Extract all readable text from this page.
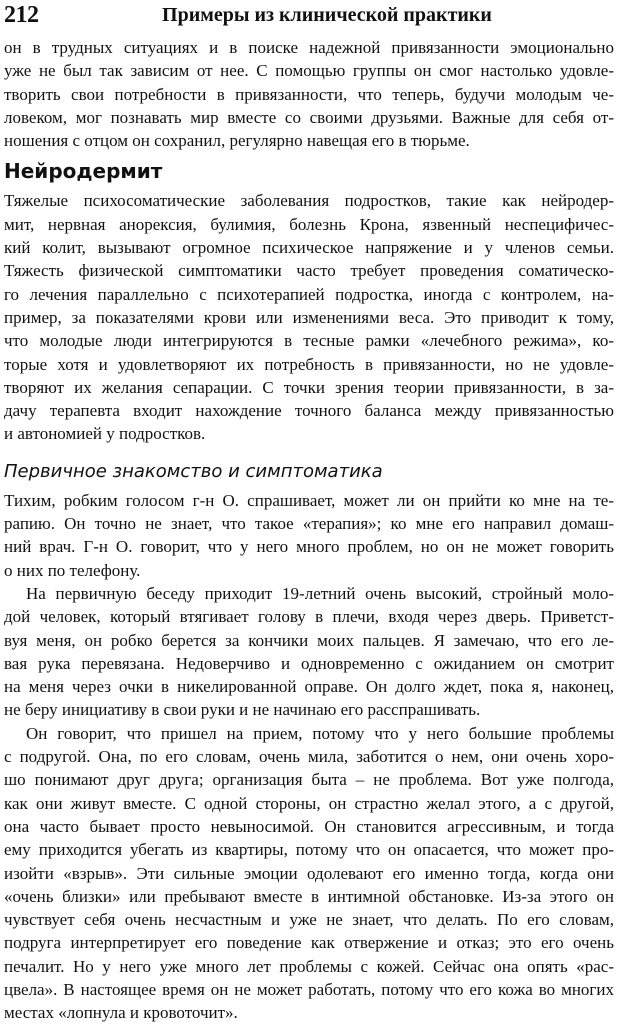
212	Примеры из клинической практики
он в трудных ситуациях и в поиске надежной привязанности эмоционально
уже не был так зависим от нее. С помощью группы он смог настолько удовле-
творить свои потребности в привязанности, что теперь, будучи молодым че-
ловеком, мог познавать мир вместе со своими друзьями. Важные для себя от-
ношения с отцом он сохранил, регулярно навещая его в тюрьме.
Нейродермит
Тяжелые психосоматические заболевания подростков, такие как нейродер-
мит, нервная анорексия, булимия, болезнь Крона, язвенный неспецифичес-
кий колит, вызывают огромное психическое напряжение и у членов семьи.
Тяжесть физической симптоматики часто требует проведения соматическо-
го лечения параллельно с психотерапией подростка, иногда с контролем, на-
пример, за показателями крови или изменениями веса. Это приводит к тому,
что молодые люди интегрируются в тесные рамки «лечебного режима», ко-
торые хотя и удовлетворяют их потребность в привязанности, но не удовле-
творяют их желания сепарации. С точки зрения теории привязанности, в за-
дачу терапевта входит нахождение точного баланса между привязанностью
и автономией у подростков.
Первичное знакомство и симптоматика
Тихим, робким голосом г-н О. спрашивает, может ли он прийти ко мне на те-
рапию. Он точно не знает, что такое «терапия»; ко мне его направил домаш-
ний врач. Г-н О. говорит, что у него много проблем, но он не может говорить
о них по телефону.
На первичную беседу приходит 19-летний очень высокий, стройный моло-
дой человек, который втягивает голову в плечи, входя через дверь. Приветст-
вуя меня, он робко берется за кончики моих пальцев. Я замечаю, что его ле-
вая рука перевязана. Недоверчиво и одновременно с ожиданием он смотрит
на меня через очки в никелированной оправе. Он долго ждет, пока я, наконец,
не беру инициативу в свои руки и не начинаю его расспрашивать.
Он говорит, что пришел на прием, потому что у него большие проблемы
с подругой. Она, по его словам, очень мила, заботится о нем, они очень хоро-
шо понимают друг друга; организация быта – не проблема. Вот уже полгода,
как они живут вместе. С одной стороны, он страстно желал этого, а с другой,
она часто бывает просто невыносимой. Он становится агрессивным, и тогда
ему приходится убегать из квартиры, потому что он опасается, что может про-
изойти «взрыв». Эти сильные эмоции одолевают его именно тогда, когда они
«очень близки» или пребывают вместе в интимной обстановке. Из-за этого он
чувствует себя очень несчастным и уже не знает, что делать. По его словам,
подруга интерпретирует его поведение как отвержение и отказ; это его очень
печалит. Но у него уже много лет проблемы с кожей. Сейчас она опять «рас-
цвела». В настоящее время он не может работать, потому что его кожа во многих
местах «лопнула и кровоточит».
